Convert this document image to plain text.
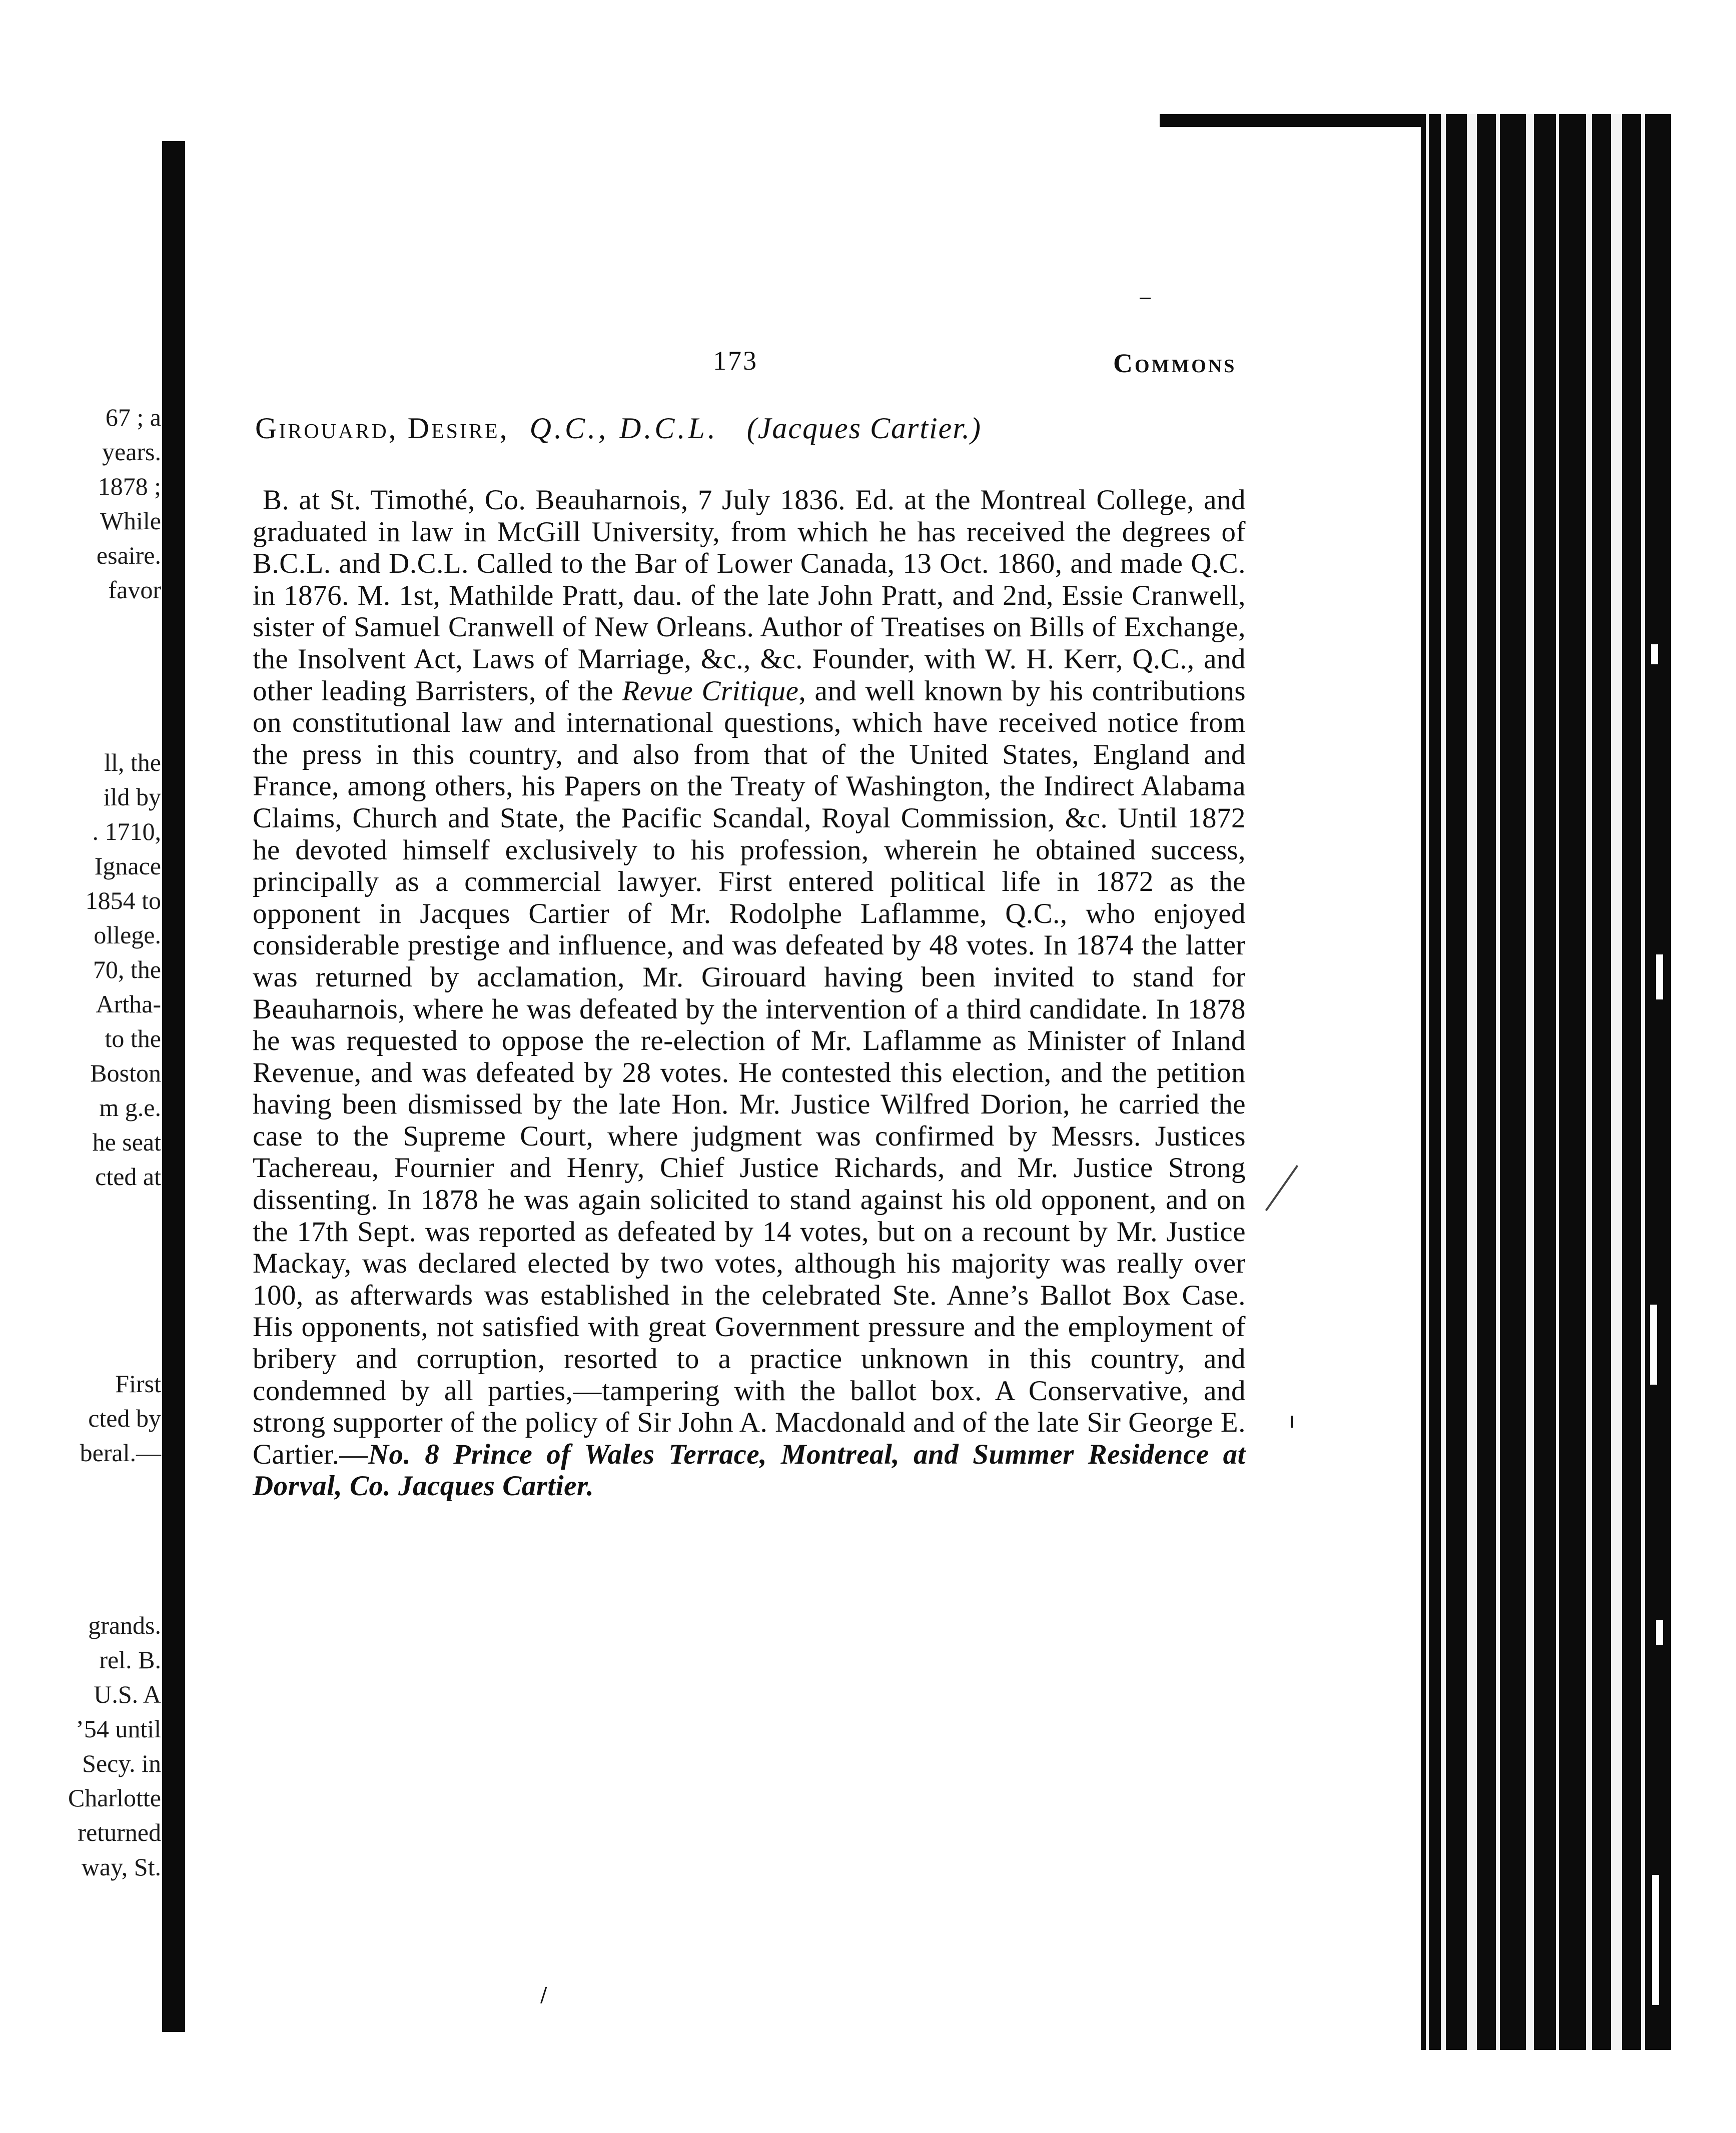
67 ; a
years.
1878 ;
While
esaire.
favor

ll, the
ild by
. 1710,
Ignace
1854 to
ollege.
70, the
Artha-
to the
Boston
m g.e.
he seat
cted at

First
cted by
beral.—

grands.
rel. B.
U.S. A
’54 until
Secy. in
Charlotte
returned
way, St.
173	Commons
Girouard, Desire, Q.C., D.C.L. (Jacques Cartier.)
B. at St. Timothé, Co. Beauharnois, 7 July 1836. Ed. at the Montreal College, and graduated in law in McGill University, from which he has received the degrees of B.C.L. and D.C.L. Called to the Bar of Lower Canada, 13 Oct. 1860, and made Q.C. in 1876. M. 1st, Mathilde Pratt, dau. of the late John Pratt, and 2nd, Essie Cranwell, sister of Samuel Cranwell of New Orleans. Author of Treatises on Bills of Exchange, the Insolvent Act, Laws of Marriage, &c., &c. Founder, with W. H. Kerr, Q.C., and other leading Barristers, of the Revue Critique, and well known by his contributions on constitutional law and international questions, which have received notice from the press in this country, and also from that of the United States, England and France, among others, his Papers on the Treaty of Washington, the Indirect Alabama Claims, Church and State, the Pacific Scandal, Royal Commission, &c. Until 1872 he devoted himself exclusively to his profession, wherein he obtained success, principally as a commercial lawyer. First entered political life in 1872 as the opponent in Jacques Cartier of Mr. Rodolphe Laflamme, Q.C., who enjoyed considerable prestige and influence, and was defeated by 48 votes. In 1874 the latter was returned by acclamation, Mr. Girouard having been invited to stand for Beauharnois, where he was defeated by the intervention of a third candidate. In 1878 he was requested to oppose the re-election of Mr. Laflamme as Minister of Inland Revenue, and was defeated by 28 votes. He contested this election, and the petition having been dismissed by the late Hon. Mr. Justice Wilfred Dorion, he carried the case to the Supreme Court, where judgment was confirmed by Messrs. Justices Tachereau, Fournier and Henry, Chief Justice Richards, and Mr. Justice Strong dissenting. In 1878 he was again solicited to stand against his old opponent, and on the 17th Sept. was reported as defeated by 14 votes, but on a recount by Mr. Justice Mackay, was declared elected by two votes, although his majority was really over 100, as afterwards was established in the celebrated Ste. Anne’s Ballot Box Case. His opponents, not satisfied with great Government pressure and the employment of bribery and corruption, resorted to a practice unknown in this country, and condemned by all parties,—tampering with the ballot box. A Conservative, and strong supporter of the policy of Sir John A. Macdonald and of the late Sir George E. Cartier.—No. 8 Prince of Wales Terrace, Montreal, and Summer Residence at Dorval, Co. Jacques Cartier.
∕
